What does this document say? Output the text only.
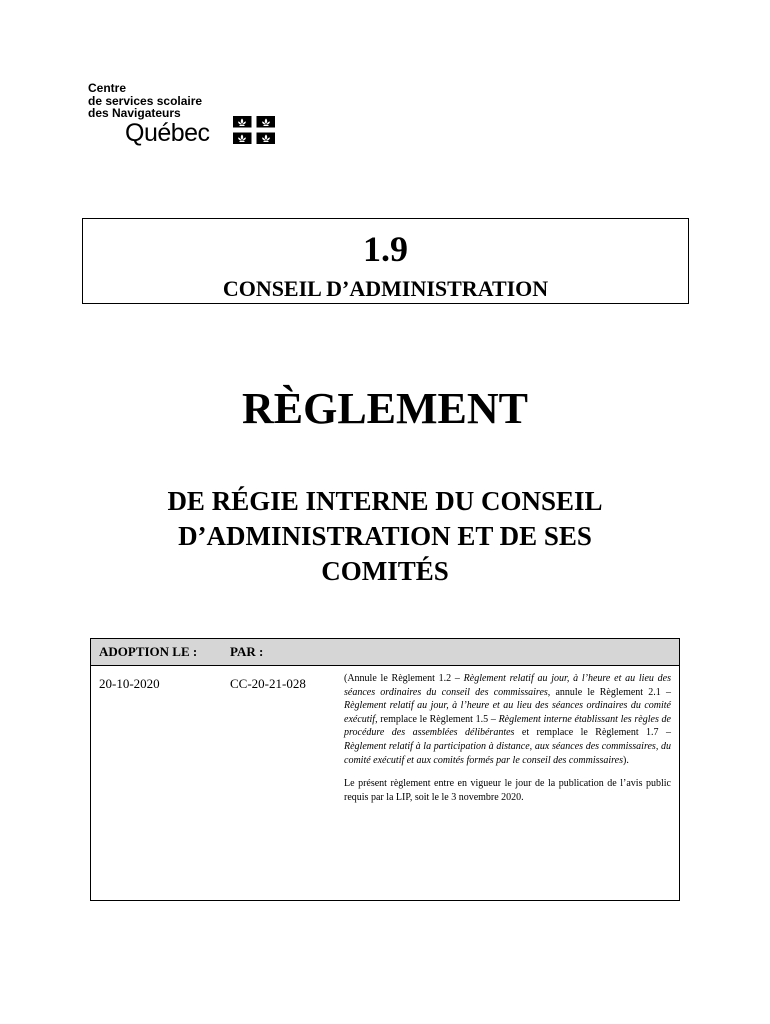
Centre
de services scolaire
des Navigateurs
Québec
1.9
CONSEIL D’ADMINISTRATION
RÈGLEMENT
DE RÉGIE INTERNE DU CONSEIL D’ADMINISTRATION ET DE SES COMITÉS
ADOPTION LE :	PAR :	
20-10-2020	CC-20-21-028	(Annule le Règlement 1.2 – Règlement relatif au jour, à l’heure et au lieu des séances ordinaires du conseil des commissaires, annule le Règlement 2.1 – Règlement relatif au jour, à l’heure et au lieu des séances ordinaires du comité exécutif, remplace le Règlement 1.5 – Règlement interne établissant les règles de procédure des assemblées délibérantes et remplace le Règlement 1.7 – Règlement relatif à la participation à distance, aux séances des commissaires, du comité exécutif et aux comités formés par le conseil des commissaires).

Le présent règlement entre en vigueur le jour de la publication de l’avis public requis par la LIP, soit le le 3 novembre 2020.
